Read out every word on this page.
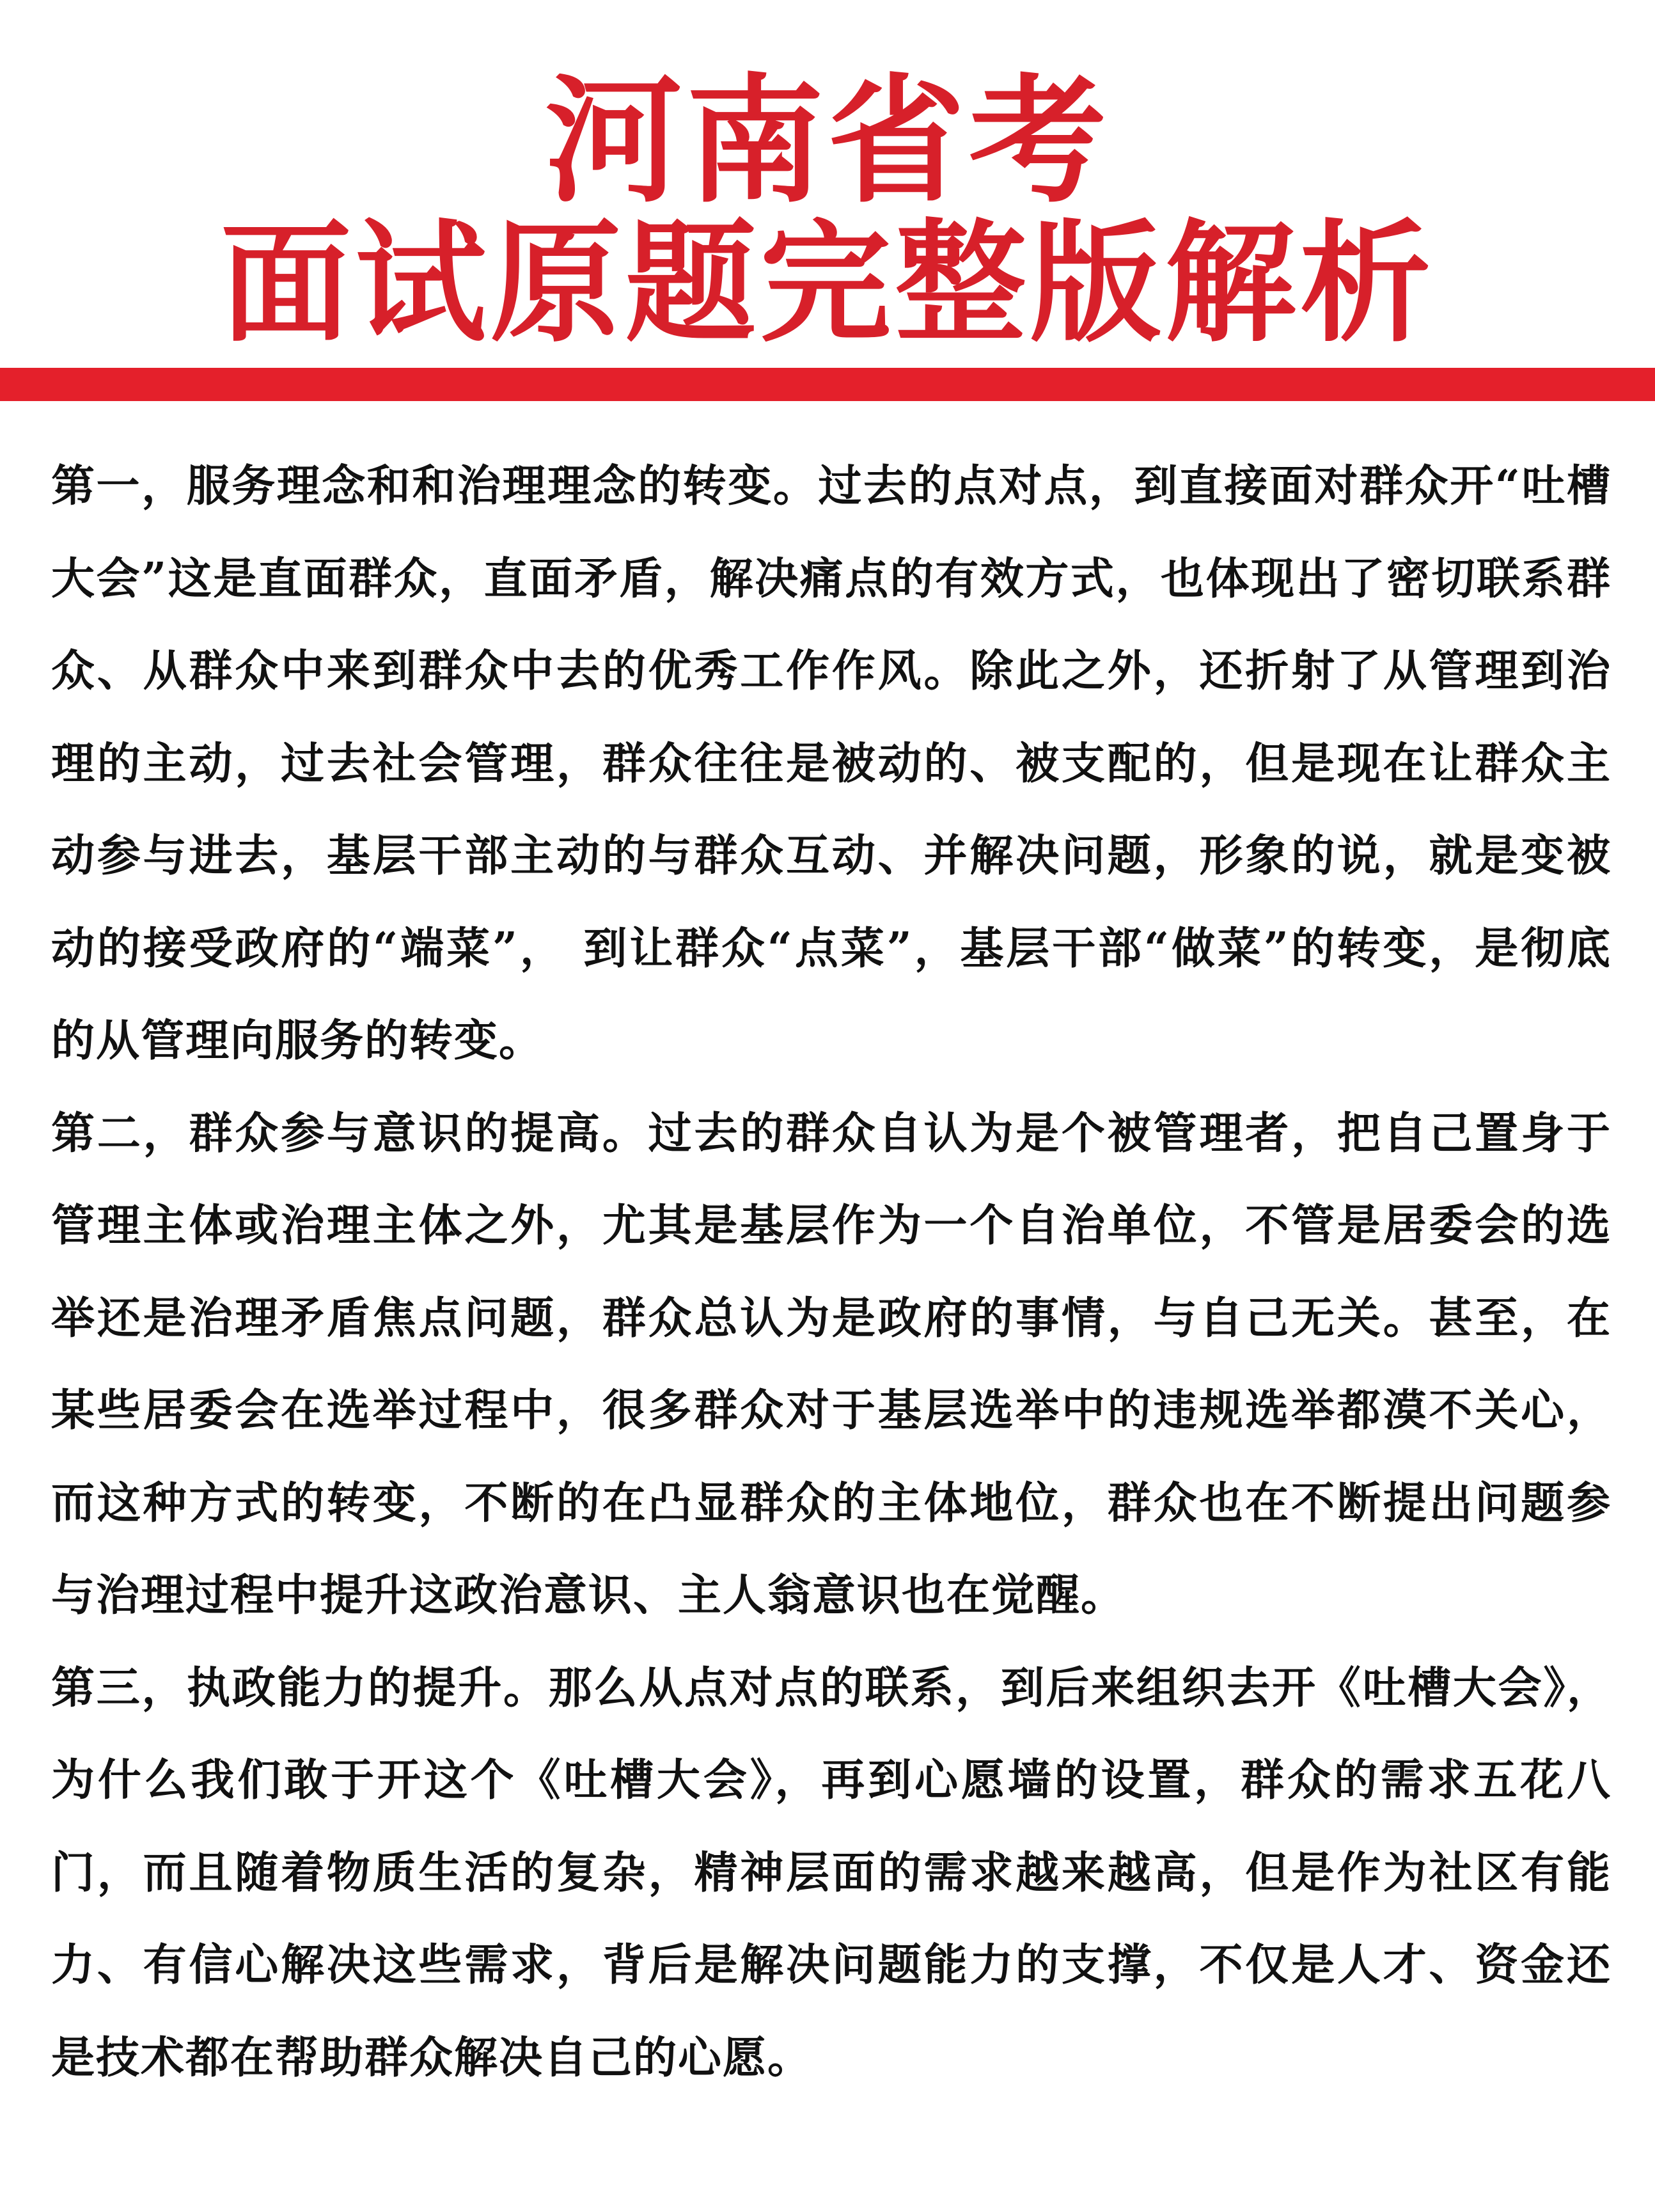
河南省考
面试原题完整版解析

第一，服务理念和和治理理念的转变。过去的点对点，到直接面对群众开“吐槽大会”这是直面群众，直面矛盾，解决痛点的有效方式，也体现出了密切联系群众、从群众中来到群众中去的优秀工作作风。除此之外，还折射了从管理到治理的主动，过去社会管理，群众往往是被动的、被支配的，但是现在让群众主动参与进去，基层干部主动的与群众互动、并解决问题，形象的说，就是变被动的接受政府的“端菜”， 到让群众“点菜”，基层干部“做菜”的转变，是彻底的从管理向服务的转变。

第二，群众参与意识的提高。过去的群众自认为是个被管理者，把自己置身于管理主体或治理主体之外，尤其是基层作为一个自治单位，不管是居委会的选举还是治理矛盾焦点问题，群众总认为是政府的事情，与自己无关。甚至，在某些居委会在选举过程中，很多群众对于基层选举中的违规选举都漠不关心，而这种方式的转变，不断的在凸显群众的主体地位，群众也在不断提出问题参与治理过程中提升这政治意识、主人翁意识也在觉醒。

第三，执政能力的提升。那么从点对点的联系，到后来组织去开《吐槽大会》，为什么我们敢于开这个《吐槽大会》，再到心愿墙的设置，群众的需求五花八门，而且随着物质生活的复杂，精神层面的需求越来越高，但是作为社区有能力、有信心解决这些需求，背后是解决问题能力的支撑，不仅是人才、资金还是技术都在帮助群众解决自己的心愿。
